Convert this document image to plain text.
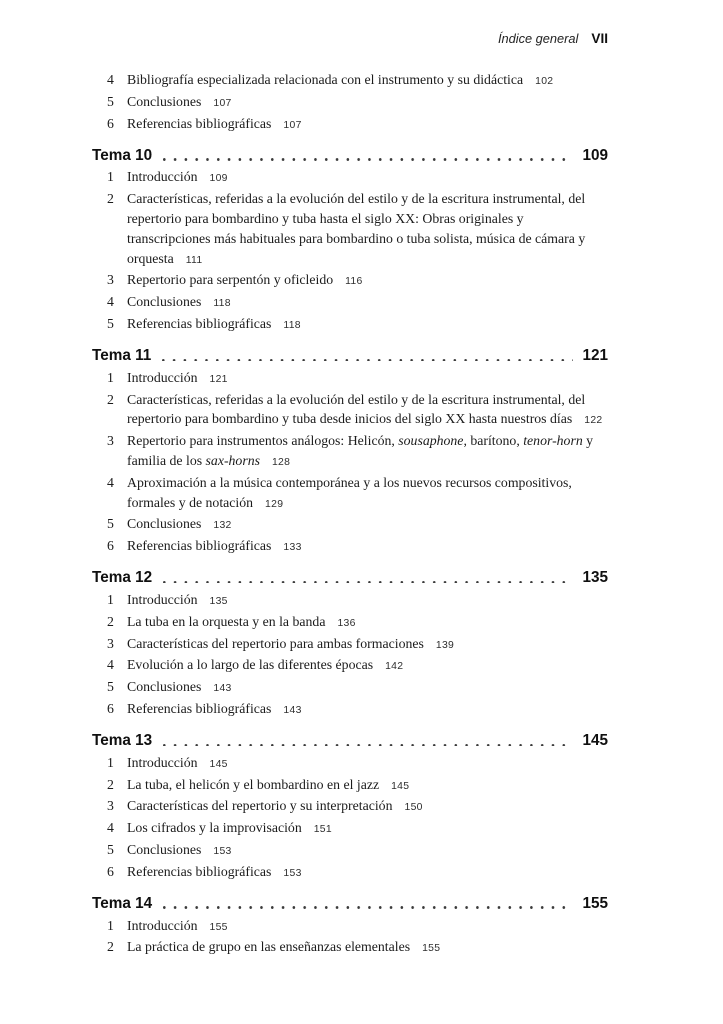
Índice general VII
4 Bibliografía especializada relacionada con el instrumento y su didáctica 102
5 Conclusiones 107
6 Referencias bibliográficas 107
Tema 10	109
1 Introducción 109
2 Características, referidas a la evolución del estilo y de la escritura instrumental, del
repertorio para bombardino y tuba hasta el siglo XX: Obras originales y
transcripciones más habituales para bombardino o tuba solista, música de cámara y
orquesta 111
3 Repertorio para serpentón y oficleido 116
4 Conclusiones 118
5 Referencias bibliográficas 118
Tema 11	121
1 Introducción 121
2 Características, referidas a la evolución del estilo y de la escritura instrumental, del
repertorio para bombardino y tuba desde inicios del siglo XX hasta nuestros días 122
3 Repertorio para instrumentos análogos: Helicón, sousaphone, barítono, tenor-horn y
familia de los sax-horns 128
4 Aproximación a la música contemporánea y a los nuevos recursos compositivos,
formales y de notación 129
5 Conclusiones 132
6 Referencias bibliográficas 133
Tema 12	135
1 Introducción 135
2 La tuba en la orquesta y en la banda 136
3 Características del repertorio para ambas formaciones 139
4 Evolución a lo largo de las diferentes épocas 142
5 Conclusiones 143
6 Referencias bibliográficas 143
Tema 13	145
1 Introducción 145
2 La tuba, el helicón y el bombardino en el jazz 145
3 Características del repertorio y su interpretación 150
4 Los cifrados y la improvisación 151
5 Conclusiones 153
6 Referencias bibliográficas 153
Tema 14	155
1 Introducción 155
2 La práctica de grupo en las enseñanzas elementales 155
